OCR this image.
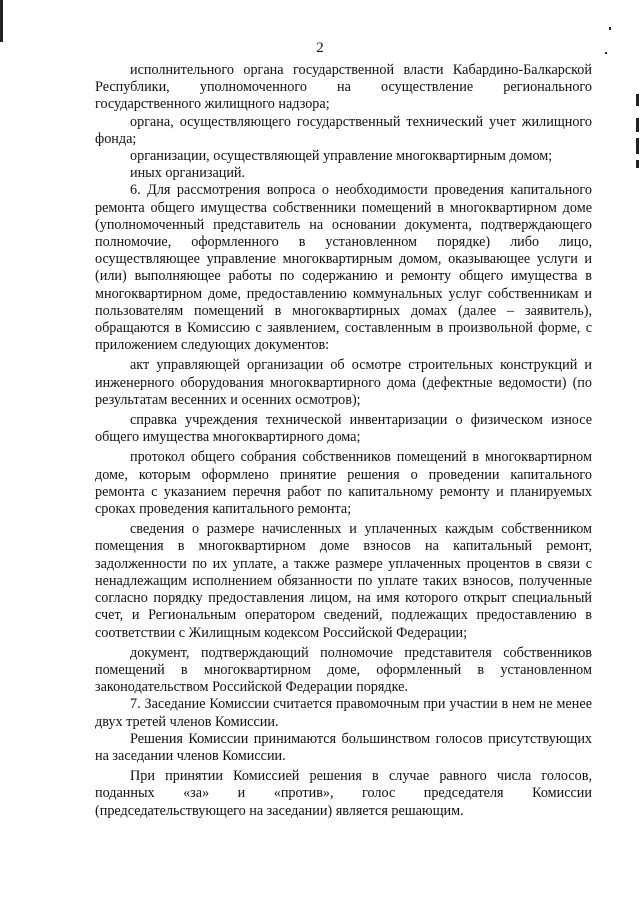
2

исполнительного органа государственной власти Кабардино-Балкарской Республики, уполномоченного на осуществление регионального государственного жилищного надзора;

органа, осуществляющего государственный технический учет жилищного фонда;

организации, осуществляющей управление многоквартирным домом;

иных организаций.

6. Для рассмотрения вопроса о необходимости проведения капитального ремонта общего имущества собственники помещений в многоквартирном доме (уполномоченный представитель на основании документа, подтверждающего полномочие, оформленного в установленном порядке) либо лицо, осуществляющее управление многоквартирным домом, оказывающее услуги и (или) выполняющее работы по содержанию и ремонту общего имущества в многоквартирном доме, предоставлению коммунальных услуг собственникам и пользователям помещений в многоквартирных домах (далее – заявитель), обращаются в Комиссию с заявлением, составленным в произвольной форме, с приложением следующих документов:

акт управляющей организации об осмотре строительных конструкций и инженерного оборудования многоквартирного дома (дефектные ведомости) (по результатам весенних и осенних осмотров);

справка учреждения технической инвентаризации о физическом износе общего имущества многоквартирного дома;

протокол общего собрания собственников помещений в многоквартирном доме, которым оформлено принятие решения о проведении капитального ремонта с указанием перечня работ по капитальному ремонту и планируемых сроках проведения капитального ремонта;

сведения о размере начисленных и уплаченных каждым собственником помещения в многоквартирном доме взносов на капитальный ремонт, задолженности по их уплате, а также размере уплаченных процентов в связи с ненадлежащим исполнением обязанности по уплате таких взносов, полученные согласно порядку предоставления лицом, на имя которого открыт специальный счет, и Региональным оператором сведений, подлежащих предоставлению в соответствии с Жилищным кодексом Российской Федерации;

документ, подтверждающий полномочие представителя собственников помещений в многоквартирном доме, оформленный в установленном законодательством Российской Федерации порядке.

7. Заседание Комиссии считается правомочным при участии в нем не менее двух третей членов Комиссии.

Решения Комиссии принимаются большинством голосов присутствующих на заседании членов Комиссии.

При принятии Комиссией решения в случае равного числа голосов, поданных «за» и «против», голос председателя Комиссии (председательствующего на заседании) является решающим.
